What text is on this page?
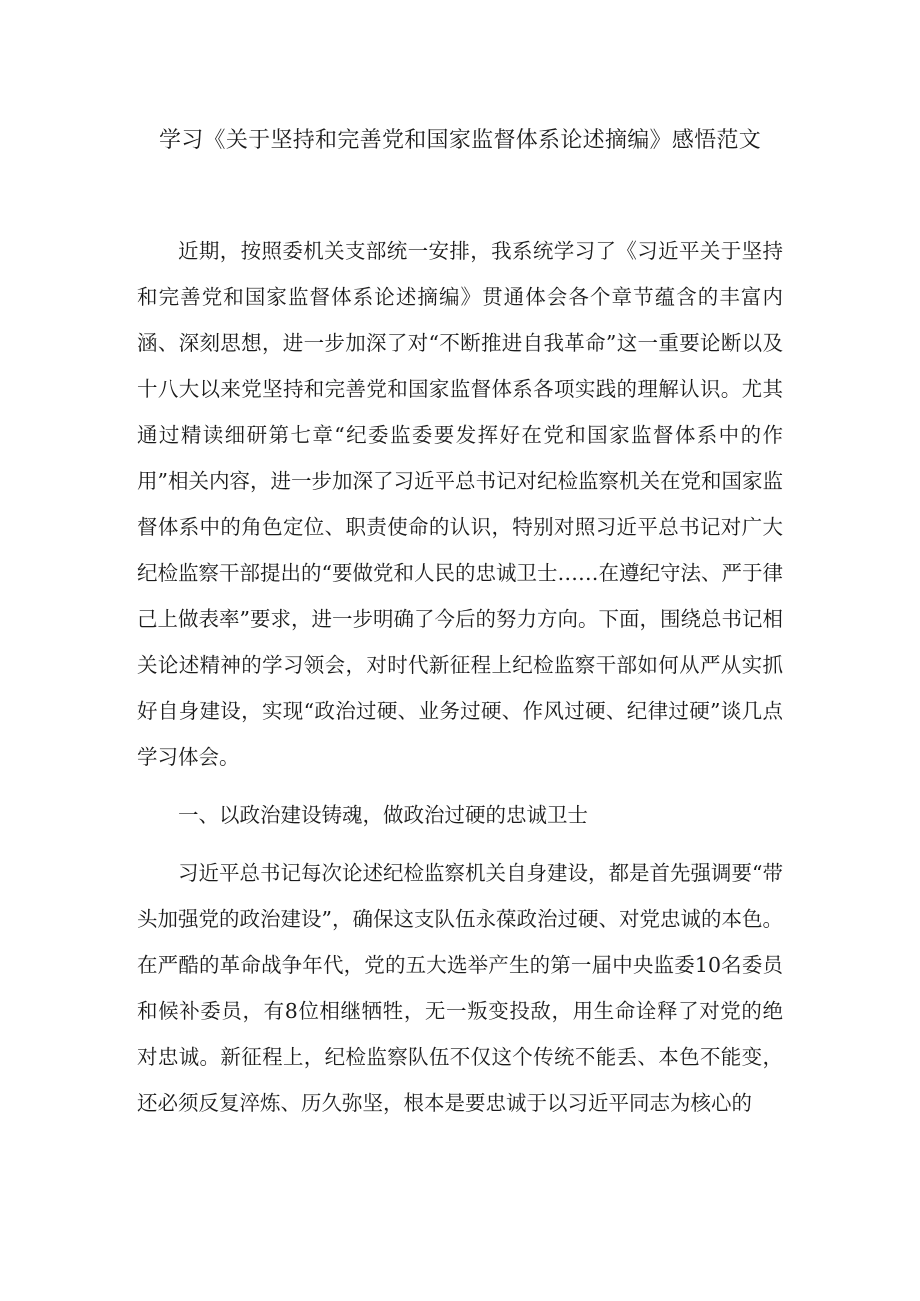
学习《关于坚持和完善党和国家监督体系论述摘编》感悟范文

近期，按照委机关支部统一安排，我系统学习了《习近平关于坚持和完善党和国家监督体系论述摘编》贯通体会各个章节蕴含的丰富内涵、深刻思想，进一步加深了对“不断推进自我革命”这一重要论断以及十八大以来党坚持和完善党和国家监督体系各项实践的理解认识。尤其通过精读细研第七章“纪委监委要发挥好在党和国家监督体系中的作用”相关内容，进一步加深了习近平总书记对纪检监察机关在党和国家监督体系中的角色定位、职责使命的认识，特别对照习近平总书记对广大纪检监察干部提出的“要做党和人民的忠诚卫士……在遵纪守法、严于律己上做表率”要求，进一步明确了今后的努力方向。下面，围绕总书记相关论述精神的学习领会，对时代新征程上纪检监察干部如何从严从实抓好自身建设，实现“政治过硬、业务过硬、作风过硬、纪律过硬”谈几点学习体会。

一、以政治建设铸魂，做政治过硬的忠诚卫士

习近平总书记每次论述纪检监察机关自身建设，都是首先强调要“带头加强党的政治建设”，确保这支队伍永葆政治过硬、对党忠诚的本色。在严酷的革命战争年代，党的五大选举产生的第一届中央监委10名委员和候补委员，有8位相继牺牲，无一叛变投敌，用生命诠释了对党的绝对忠诚。新征程上，纪检监察队伍不仅这个传统不能丢、本色不能变，还必须反复淬炼、历久弥坚，根本是要忠诚于以习近平同志为核心的
